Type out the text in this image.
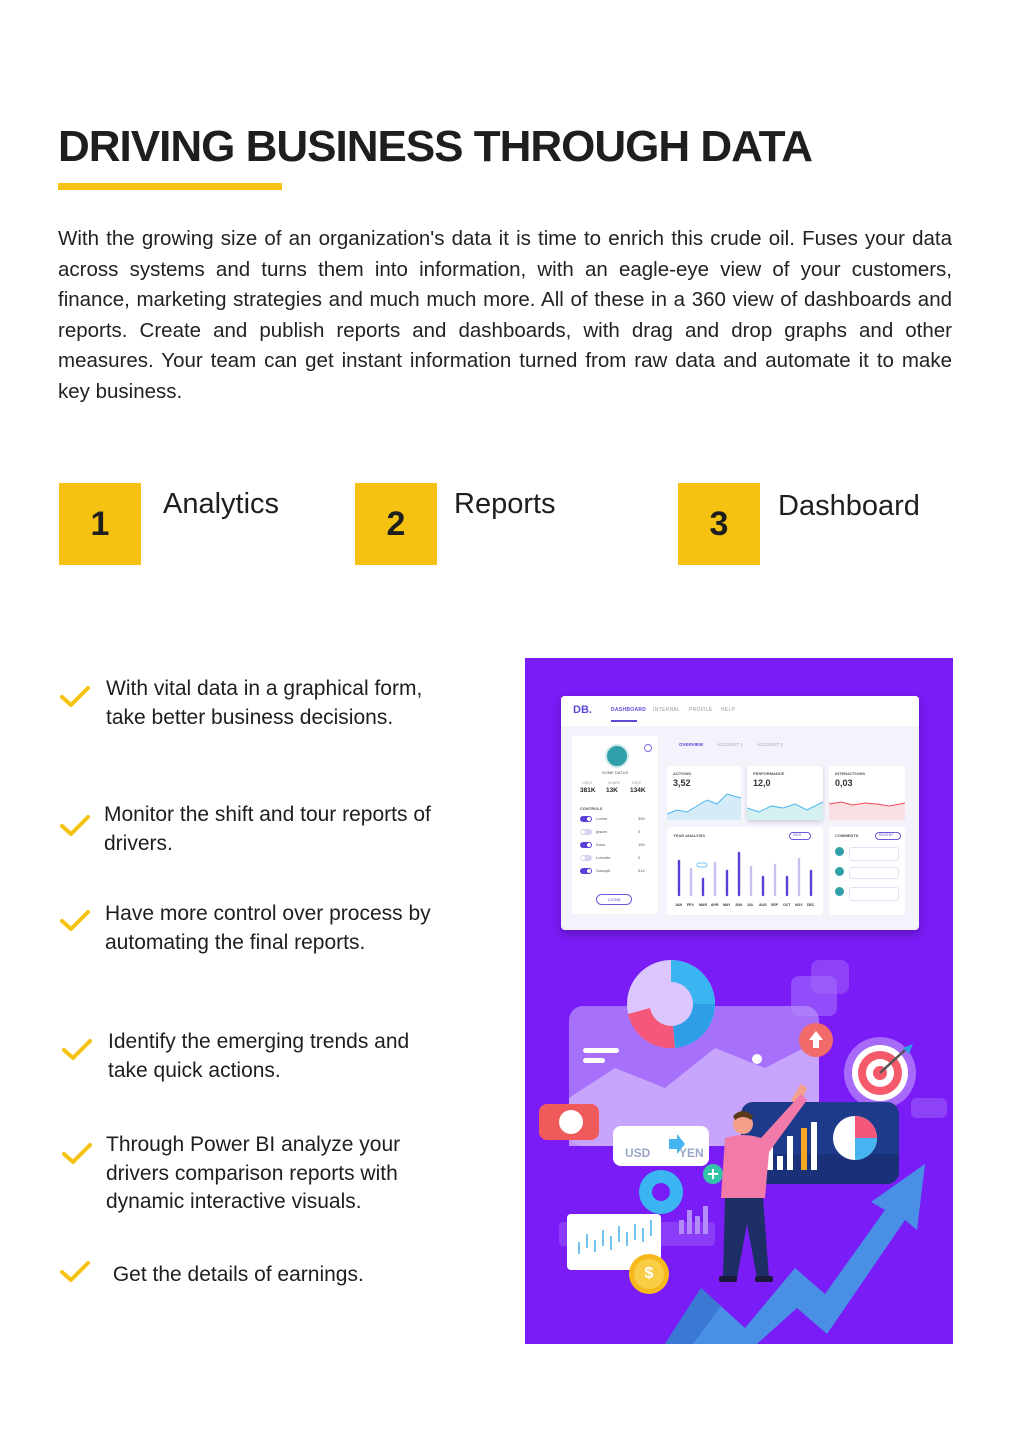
DRIVING BUSINESS THROUGH DATA

With the growing size of an organization's data it is time to enrich this crude oil. Fuses your data across systems and turns them into information, with an eagle-eye view of your customers, finance, marketing strategies and much much more. All of these in a 360 view of dashboards and reports. Create and publish reports and dashboards, with drag and drop graphs and other measures. Your team can get instant information turned from raw data and automate it to make key business.

1
Analytics
2
Reports
3	Dashboard

With vital data in a graphical form, take better business decisions.

Monitor the shift and tour reports of drivers.

Have more control over process by automating the final reports.

Identify the emerging trends and take quick actions.

Through Power BI analyze your drivers comparison reports with dynamic interactive visuals.

Get the details of earnings.

DB.	DASHBOARD INTERNAL PROFILE HELP
SOME DATUS
LIKES	SHARE	DATE
381K 13K 134K
CONTROLS
Lorem	300
Ipsum	0
Dolor	150
Lobortis	0
Suscipit	412
LOGIN
OVERVIEW	ACCOUNT 1	ACCOUNT 2
ACTIONS
3,52
PERFORMANCE
12,0
INTERACTIONS
0,03
YEAR ANALYSIS	2019
JAN FEV MAR APR MAY JUN JUL AUG SEP OCT NOV DEC
COMMENTS	RECENT
$
USD YEN
$
